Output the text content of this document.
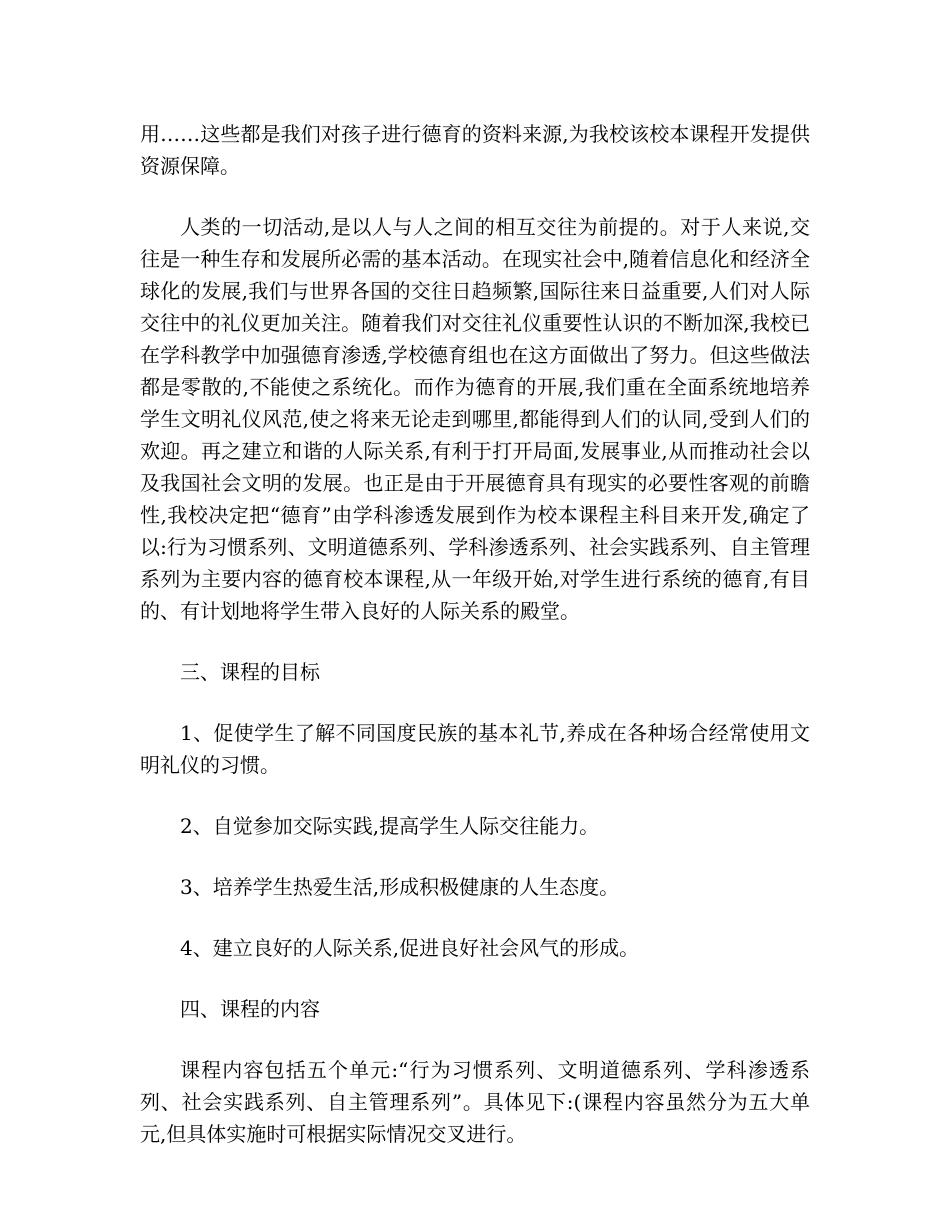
用……这些都是我们对孩子进行德育的资料来源,为我校该校本课程开发提供资源保障。

人类的一切活动,是以人与人之间的相互交往为前提的。对于人来说,交往是一种生存和发展所必需的基本活动。在现实社会中,随着信息化和经济全球化的发展,我们与世界各国的交往日趋频繁,国际往来日益重要,人们对人际交往中的礼仪更加关注。随着我们对交往礼仪重要性认识的不断加深,我校已在学科教学中加强德育渗透,学校德育组也在这方面做出了努力。但这些做法都是零散的,不能使之系统化。而作为德育的开展,我们重在全面系统地培养学生文明礼仪风范,使之将来无论走到哪里,都能得到人们的认同,受到人们的欢迎。再之建立和谐的人际关系,有利于打开局面,发展事业,从而推动社会以及我国社会文明的发展。也正是由于开展德育具有现实的必要性客观的前瞻性,我校决定把“德育”由学科渗透发展到作为校本课程主科目来开发,确定了以:行为习惯系列、文明道德系列、学科渗透系列、社会实践系列、自主管理系列为主要内容的德育校本课程,从一年级开始,对学生进行系统的德育,有目的、有计划地将学生带入良好的人际关系的殿堂。

三、课程的目标

1、促使学生了解不同国度民族的基本礼节,养成在各种场合经常使用文明礼仪的习惯。

2、自觉参加交际实践,提高学生人际交往能力。

3、培养学生热爱生活,形成积极健康的人生态度。

4、建立良好的人际关系,促进良好社会风气的形成。

四、课程的内容

课程内容包括五个单元:“行为习惯系列、文明道德系列、学科渗透系列、社会实践系列、自主管理系列”。具体见下:(课程内容虽然分为五大单元,但具体实施时可根据实际情况交叉进行。
